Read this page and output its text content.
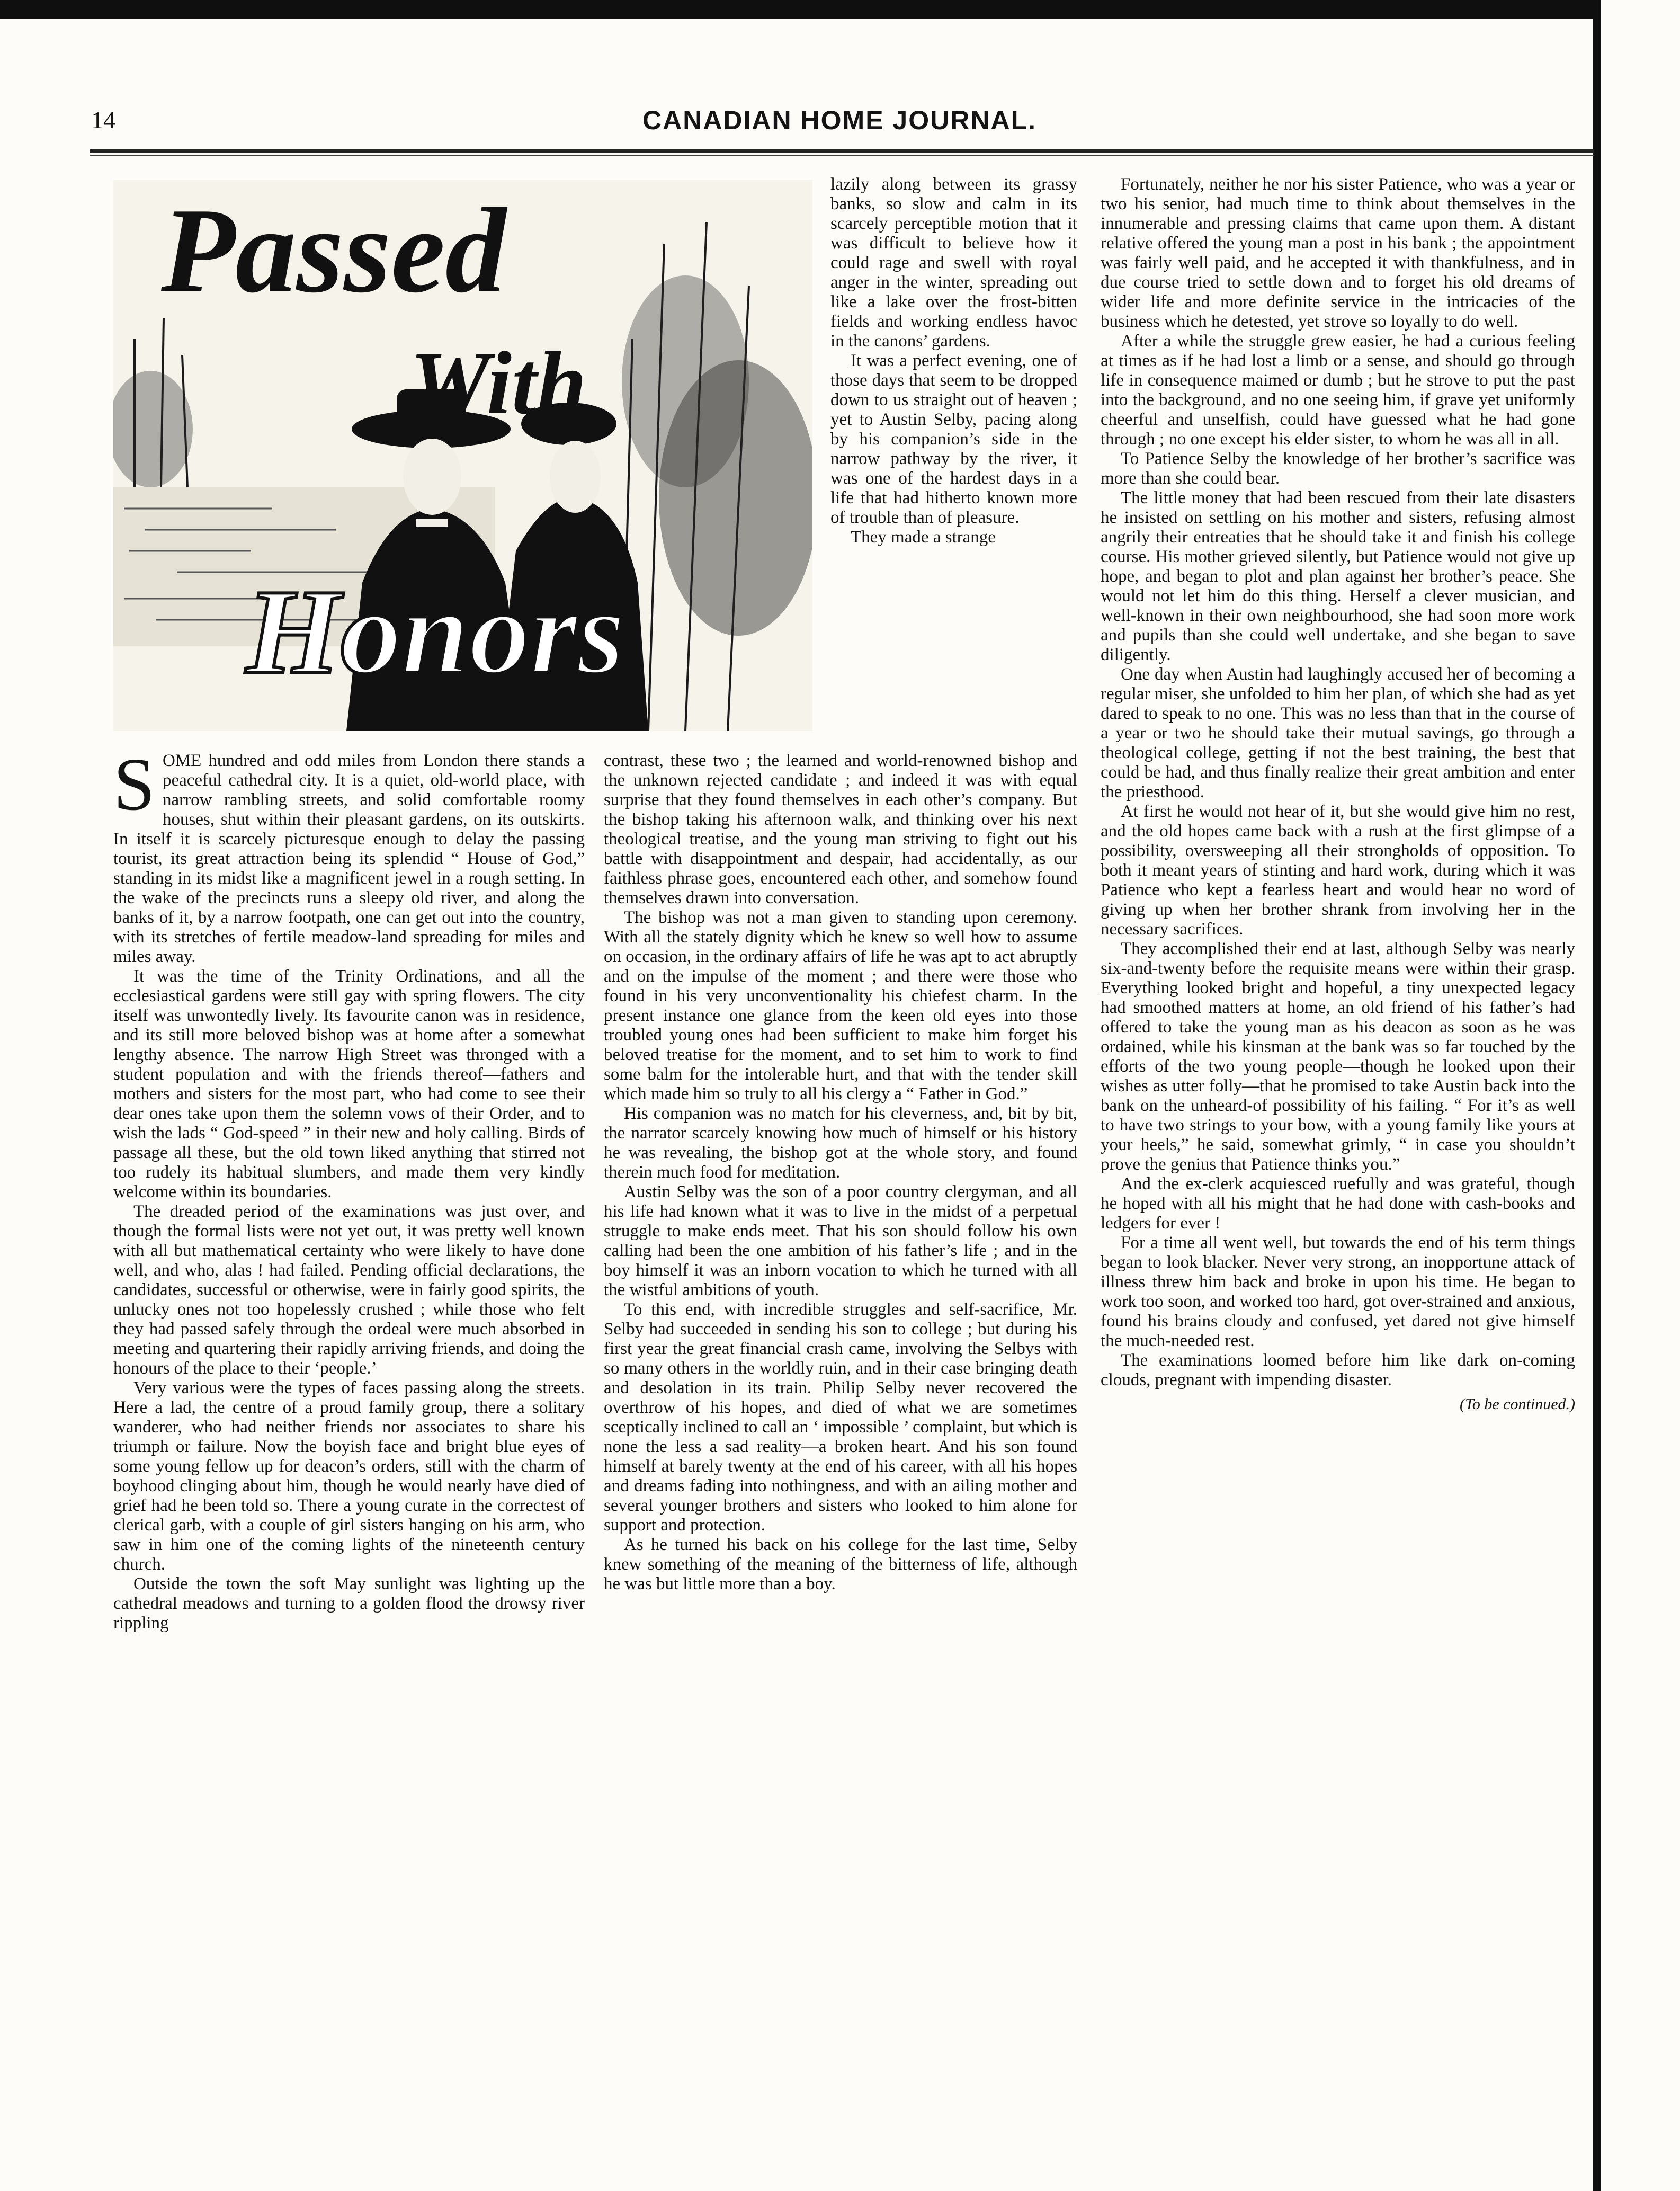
14	CANADIAN HOME JOURNAL.
Passed
With
Honors

SOME hundred and odd miles from London there stands a peaceful cathedral city. It is a quiet, old-world place, with narrow rambling streets, and solid comfortable roomy houses, shut within their pleasant gardens, on its outskirts. In itself it is scarcely picturesque enough to delay the passing tourist, its great attraction being its splendid “ House of God,” standing in its midst like a magnificent jewel in a rough setting. In the wake of the precincts runs a sleepy old river, and along the banks of it, by a narrow footpath, one can get out into the country, with its stretches of fertile meadow-land spreading for miles and miles away.

It was the time of the Trinity Ordinations, and all the ecclesiastical gardens were still gay with spring flowers. The city itself was unwontedly lively. Its favourite canon was in residence, and its still more beloved bishop was at home after a somewhat lengthy absence. The narrow High Street was thronged with a student population and with the friends thereof—fathers and mothers and sisters for the most part, who had come to see their dear ones take upon them the solemn vows of their Order, and to wish the lads “ God-speed ” in their new and holy calling. Birds of passage all these, but the old town liked anything that stirred not too rudely its habitual slumbers, and made them very kindly welcome within its boundaries.

The dreaded period of the examinations was just over, and though the formal lists were not yet out, it was pretty well known with all but mathematical certainty who were likely to have done well, and who, alas ! had failed. Pending official declarations, the candidates, successful or otherwise, were in fairly good spirits, the unlucky ones not too hopelessly crushed ; while those who felt they had passed safely through the ordeal were much absorbed in meeting and quartering their rapidly arriving friends, and doing the honours of the place to their ‘people.’

Very various were the types of faces passing along the streets. Here a lad, the centre of a proud family group, there a solitary wanderer, who had neither friends nor associates to share his triumph or failure. Now the boyish face and bright blue eyes of some young fellow up for deacon’s orders, still with the charm of boyhood clinging about him, though he would nearly have died of grief had he been told so. There a young curate in the correctest of clerical garb, with a couple of girl sisters hanging on his arm, who saw in him one of the coming lights of the nineteenth century church.

Outside the town the soft May sunlight was lighting up the cathedral meadows and turning to a golden flood the drowsy river rippling

lazily along between its grassy banks, so slow and calm in its scarcely perceptible motion that it was difficult to believe how it could rage and swell with royal anger in the winter, spreading out like a lake over the frost-bitten fields and working endless havoc in the canons’ gardens.

It was a perfect evening, one of those days that seem to be dropped down to us straight out of heaven ; yet to Austin Selby, pacing along by his companion’s side in the narrow pathway by the river, it was one of the hardest days in a life that had hitherto known more of trouble than of pleasure.

They made a strange

contrast, these two ; the learned and world-renowned bishop and the unknown rejected candidate ; and indeed it was with equal surprise that they found themselves in each other’s company. But the bishop taking his afternoon walk, and thinking over his next theological treatise, and the young man striving to fight out his battle with disappointment and despair, had accidentally, as our faithless phrase goes, encountered each other, and somehow found themselves drawn into conversation.

The bishop was not a man given to standing upon ceremony. With all the stately dignity which he knew so well how to assume on occasion, in the ordinary affairs of life he was apt to act abruptly and on the impulse of the moment ; and there were those who found in his very unconventionality his chiefest charm. In the present instance one glance from the keen old eyes into those troubled young ones had been sufficient to make him forget his beloved treatise for the moment, and to set him to work to find some balm for the intolerable hurt, and that with the tender skill which made him so truly to all his clergy a “ Father in God.”

His companion was no match for his cleverness, and, bit by bit, the narrator scarcely knowing how much of himself or his history he was revealing, the bishop got at the whole story, and found therein much food for meditation.

Austin Selby was the son of a poor country clergyman, and all his life had known what it was to live in the midst of a perpetual struggle to make ends meet. That his son should follow his own calling had been the one ambition of his father’s life ; and in the boy himself it was an inborn vocation to which he turned with all the wistful ambitions of youth.

To this end, with incredible struggles and self-sacrifice, Mr. Selby had succeeded in sending his son to college ; but during his first year the great financial crash came, involving the Selbys with so many others in the worldly ruin, and in their case bringing death and desolation in its train. Philip Selby never recovered the overthrow of his hopes, and died of what we are sometimes sceptically inclined to call an ‘ impossible ’ complaint, but which is none the less a sad reality—a broken heart. And his son found himself at barely twenty at the end of his career, with all his hopes and dreams fading into nothingness, and with an ailing mother and several younger brothers and sisters who looked to him alone for support and protection.

As he turned his back on his college for the last time, Selby knew something of the meaning of the bitterness of life, although he was but little more than a boy.

Fortunately, neither he nor his sister Patience, who was a year or two his senior, had much time to think about themselves in the innumerable and pressing claims that came upon them. A distant relative offered the young man a post in his bank ; the appointment was fairly well paid, and he accepted it with thankfulness, and in due course tried to settle down and to forget his old dreams of wider life and more definite service in the intricacies of the business which he detested, yet strove so loyally to do well.

After a while the struggle grew easier, he had a curious feeling at times as if he had lost a limb or a sense, and should go through life in consequence maimed or dumb ; but he strove to put the past into the background, and no one seeing him, if grave yet uniformly cheerful and unselfish, could have guessed what he had gone through ; no one except his elder sister, to whom he was all in all.

To Patience Selby the knowledge of her brother’s sacrifice was more than she could bear.

The little money that had been rescued from their late disasters he insisted on settling on his mother and sisters, refusing almost angrily their entreaties that he should take it and finish his college course. His mother grieved silently, but Patience would not give up hope, and began to plot and plan against her brother’s peace. She would not let him do this thing. Herself a clever musician, and well-known in their own neighbourhood, she had soon more work and pupils than she could well undertake, and she began to save diligently.

One day when Austin had laughingly accused her of becoming a regular miser, she unfolded to him her plan, of which she had as yet dared to speak to no one. This was no less than that in the course of a year or two he should take their mutual savings, go through a theological college, getting if not the best training, the best that could be had, and thus finally realize their great ambition and enter the priesthood.

At first he would not hear of it, but she would give him no rest, and the old hopes came back with a rush at the first glimpse of a possibility, oversweeping all their strongholds of opposition. To both it meant years of stinting and hard work, during which it was Patience who kept a fearless heart and would hear no word of giving up when her brother shrank from involving her in the necessary sacrifices.

They accomplished their end at last, although Selby was nearly six-and-twenty before the requisite means were within their grasp. Everything looked bright and hopeful, a tiny unexpected legacy had smoothed matters at home, an old friend of his father’s had offered to take the young man as his deacon as soon as he was ordained, while his kinsman at the bank was so far touched by the efforts of the two young people—though he looked upon their wishes as utter folly—that he promised to take Austin back into the bank on the unheard-of possibility of his failing. “ For it’s as well to have two strings to your bow, with a young family like yours at your heels,” he said, somewhat grimly, “ in case you shouldn’t prove the genius that Patience thinks you.”

And the ex-clerk acquiesced ruefully and was grateful, though he hoped with all his might that he had done with cash-books and ledgers for ever !

For a time all went well, but towards the end of his term things began to look blacker. Never very strong, an inopportune attack of illness threw him back and broke in upon his time. He began to work too soon, and worked too hard, got over-strained and anxious, found his brains cloudy and confused, yet dared not give himself the much-needed rest.

The examinations loomed before him like dark on-coming clouds, pregnant with impending disaster.

(To be continued.)
